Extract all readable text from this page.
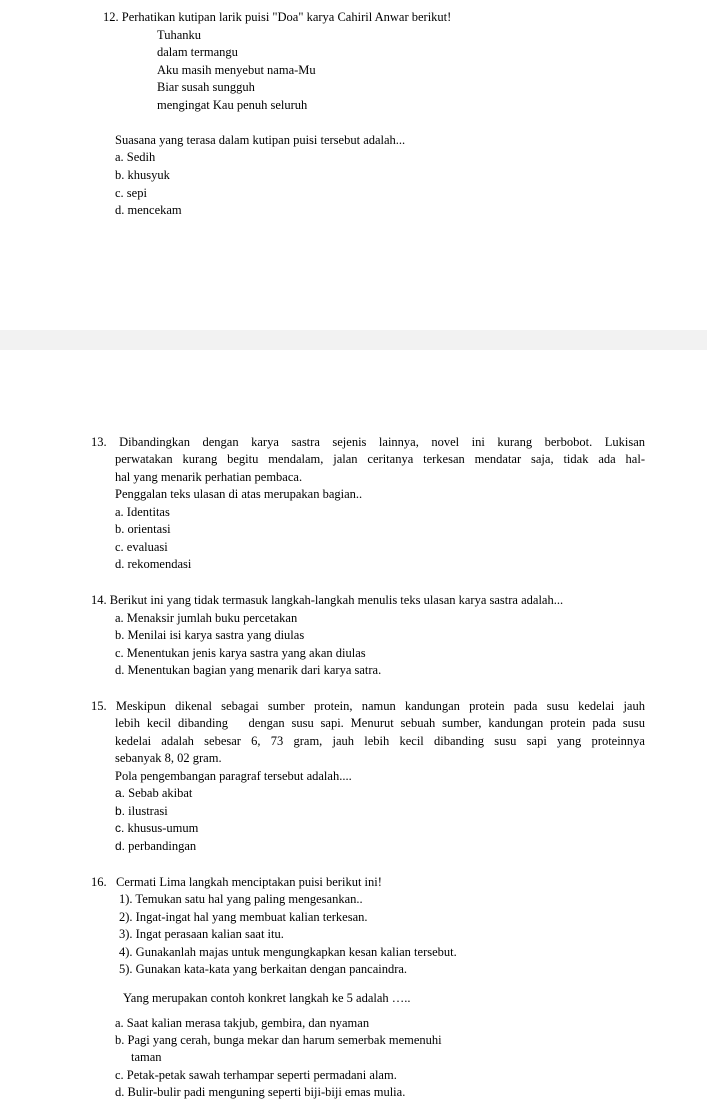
12. Perhatikan kutipan larik puisi "Doa" karya Cahiril Anwar berikut!
Tuhanku
dalam termangu
Aku masih menyebut nama-Mu
Biar susah sungguh
mengingat Kau penuh seluruh
Suasana yang terasa dalam kutipan puisi tersebut adalah...
a. Sedih
b. khusyuk
c. sepi
d. mencekam
13. Dibandingkan dengan karya sastra sejenis lainnya, novel ini kurang berbobot. Lukisan
perwatakan kurang begitu mendalam, jalan ceritanya terkesan mendatar saja, tidak ada hal-
hal yang menarik perhatian pembaca.
Penggalan teks ulasan di atas merupakan bagian..
a. Identitas
b. orientasi
c. evaluasi
d. rekomendasi
14. Berikut ini yang tidak termasuk langkah-langkah menulis teks ulasan karya sastra adalah...
a. Menaksir jumlah buku percetakan
b. Menilai isi karya sastra yang diulas
c. Menentukan jenis karya sastra yang akan diulas
d. Menentukan bagian yang menarik dari karya satra.
15. Meskipun dikenal sebagai sumber protein, namun kandungan protein pada susu kedelai jauh
lebih kecil dibanding   dengan susu sapi. Menurut sebuah sumber, kandungan protein pada susu
kedelai adalah sebesar 6, 73 gram, jauh lebih kecil dibanding susu sapi yang proteinnya
sebanyak 8, 02 gram.
Pola pengembangan paragraf tersebut adalah....
a. Sebab akibat
b. ilustrasi
c. khusus-umum
d. perbandingan
16.   Cermati Lima langkah menciptakan puisi berikut ini!
1). Temukan satu hal yang paling mengesankan..
2). Ingat-ingat hal yang membuat kalian terkesan.
3). Ingat perasaan kalian saat itu.
4). Gunakanlah majas untuk mengungkapkan kesan kalian tersebut.
5). Gunakan kata-kata yang berkaitan dengan pancaindra.
Yang merupakan contoh konkret langkah ke 5 adalah …..
a. Saat kalian merasa takjub, gembira, dan nyaman
b. Pagi yang cerah, bunga mekar dan harum semerbak memenuhi
taman
c. Petak-petak sawah terhampar seperti permadani alam.
d. Bulir-bulir padi menguning seperti biji-biji emas mulia.
